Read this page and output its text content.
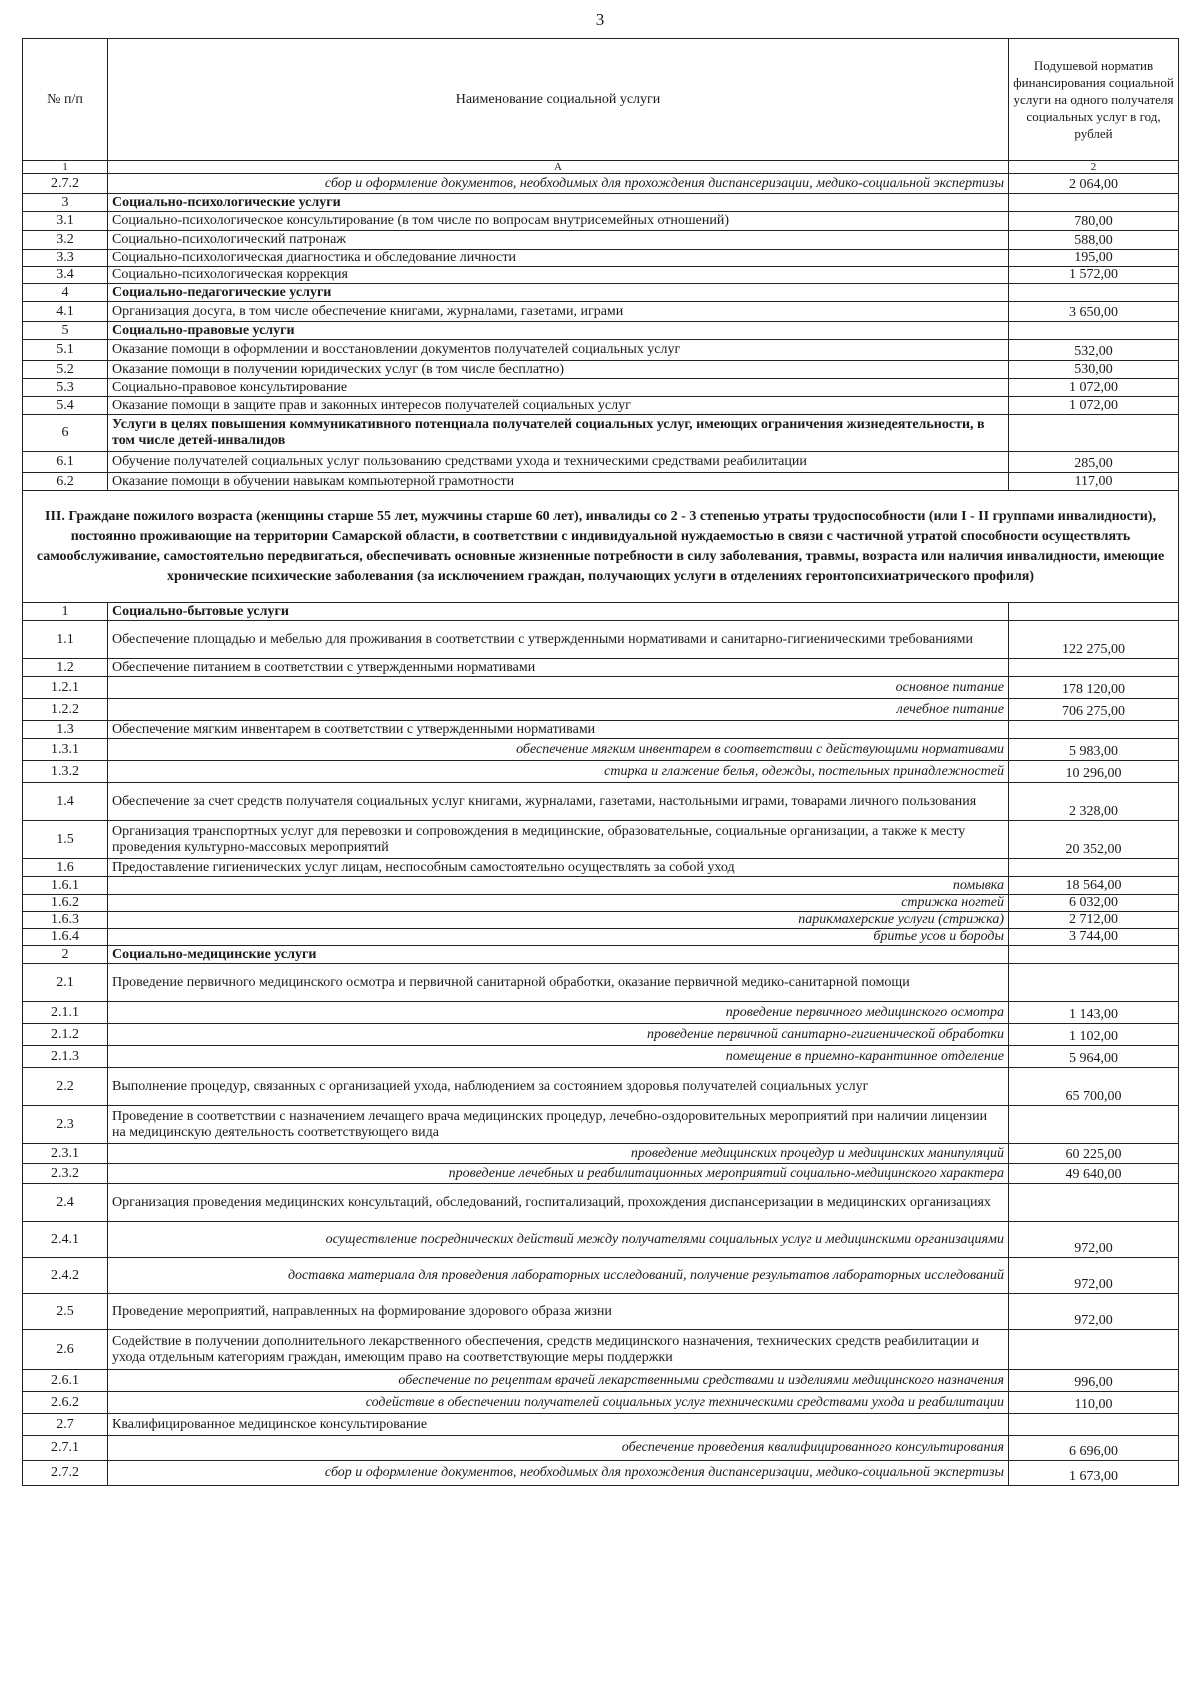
3
№ п/п	Наименование социальной услуги	Подушевой норматив финансирования социальной услуги на одного получателя социальных услуг в год, рублей
1	А	2
2.7.2	сбор и оформление документов, необходимых для прохождения диспансеризации, медико-социальной экспертизы	2 064,00
3	Социально-психологические услуги	
3.1	Социально-психологическое консультирование (в том числе по вопросам внутрисемейных отношений)	780,00
3.2	Социально-психологический патронаж	588,00
3.3	Социально-психологическая диагностика и обследование личности	195,00
3.4	Социально-психологическая коррекция	1 572,00
4	Социально-педагогические услуги	
4.1	Организация досуга, в том числе обеспечение книгами, журналами, газетами, играми	3 650,00
5	Социально-правовые услуги	
5.1	Оказание помощи в оформлении и восстановлении документов получателей социальных услуг	532,00
5.2	Оказание помощи в получении юридических услуг (в том числе бесплатно)	530,00
5.3	Социально-правовое консультирование	1 072,00
5.4	Оказание помощи в защите прав и законных интересов получателей социальных услуг	1 072,00
6	Услуги в целях повышения коммуникативного потенциала получателей социальных услуг, имеющих ограничения жизнедеятельности, в том числе детей-инвалидов	
6.1	Обучение получателей социальных услуг пользованию средствами ухода и техническими средствами реабилитации	285,00
6.2	Оказание помощи в обучении навыкам компьютерной грамотности	117,00
III. Граждане пожилого возраста (женщины старше 55 лет, мужчины старше 60 лет), инвалиды со 2 - 3 степенью утраты трудоспособности (или I - II группами инвалидности), постоянно проживающие на территории Самарской области, в соответствии с индивидуальной нуждаемостью в связи с частичной утратой способности осуществлять самообслуживание, самостоятельно передвигаться, обеспечивать основные жизненные потребности в силу заболевания, травмы, возраста или наличия инвалидности, имеющие хронические психические заболевания (за исключением граждан, получающих услуги в отделениях геронтопсихиатрического профиля)		
1	Социально-бытовые услуги	
1.1	Обеспечение площадью и мебелью для проживания в соответствии с утвержденными нормативами и санитарно-гигиеническими требованиями	122 275,00
1.2	Обеспечение питанием в соответствии с утвержденными нормативами	
1.2.1	основное питание	178 120,00
1.2.2	лечебное питание	706 275,00
1.3	Обеспечение мягким инвентарем в соответствии с утвержденными нормативами	
1.3.1	обеспечение мягким инвентарем в соответствии с действующими нормативами	5 983,00
1.3.2	стирка и глажение белья, одежды, постельных принадлежностей	10 296,00
1.4	Обеспечение за счет средств получателя социальных услуг книгами, журналами, газетами, настольными играми, товарами личного пользования	2 328,00
1.5	Организация транспортных услуг для перевозки и сопровождения в медицинские, образовательные, социальные организации, а также к месту проведения культурно-массовых мероприятий	20 352,00
1.6	Предоставление гигиенических услуг лицам, неспособным самостоятельно осуществлять за собой уход	
1.6.1	помывка	18 564,00
1.6.2	стрижка ногтей	6 032,00
1.6.3	парикмахерские услуги (стрижка)	2 712,00
1.6.4	бритье усов и бороды	3 744,00
2	Социально-медицинские услуги	
2.1	Проведение первичного медицинского осмотра и первичной санитарной обработки, оказание первичной медико-санитарной помощи	
2.1.1	проведение первичного медицинского осмотра	1 143,00
2.1.2	проведение первичной санитарно-гигиенической обработки	1 102,00
2.1.3	помещение в приемно-карантинное отделение	5 964,00
2.2	Выполнение процедур, связанных с организацией ухода, наблюдением за состоянием здоровья получателей социальных услуг	65 700,00
2.3	Проведение в соответствии с назначением лечащего врача медицинских процедур, лечебно-оздоровительных мероприятий при наличии лицензии на медицинскую деятельность соответствующего вида	
2.3.1	проведение медицинских процедур и медицинских манипуляций	60 225,00
2.3.2	проведение лечебных и реабилитационных мероприятий социально-медицинского характера	49 640,00
2.4	Организация проведения медицинских консультаций, обследований, госпитализаций, прохождения диспансеризации в медицинских организациях	
2.4.1	осуществление посреднических действий между получателями социальных услуг и медицинскими организациями	972,00
2.4.2	доставка материала для проведения лабораторных исследований, получение результатов лабораторных исследований	972,00
2.5	Проведение мероприятий, направленных на формирование здорового образа жизни	972,00
2.6	Содействие в получении дополнительного лекарственного обеспечения, средств медицинского назначения, технических средств реабилитации и ухода отдельным категориям граждан, имеющим право на соответствующие меры поддержки	
2.6.1	обеспечение по рецептам врачей лекарственными средствами и изделиями медицинского назначения	996,00
2.6.2	содействие в обеспечении получателей социальных услуг техническими средствами ухода и реабилитации	110,00
2.7	Квалифицированное медицинское консультирование	
2.7.1	обеспечение проведения квалифицированного консультирования	6 696,00
2.7.2	сбор и оформление документов, необходимых для прохождения диспансеризации, медико-социальной экспертизы	1 673,00
